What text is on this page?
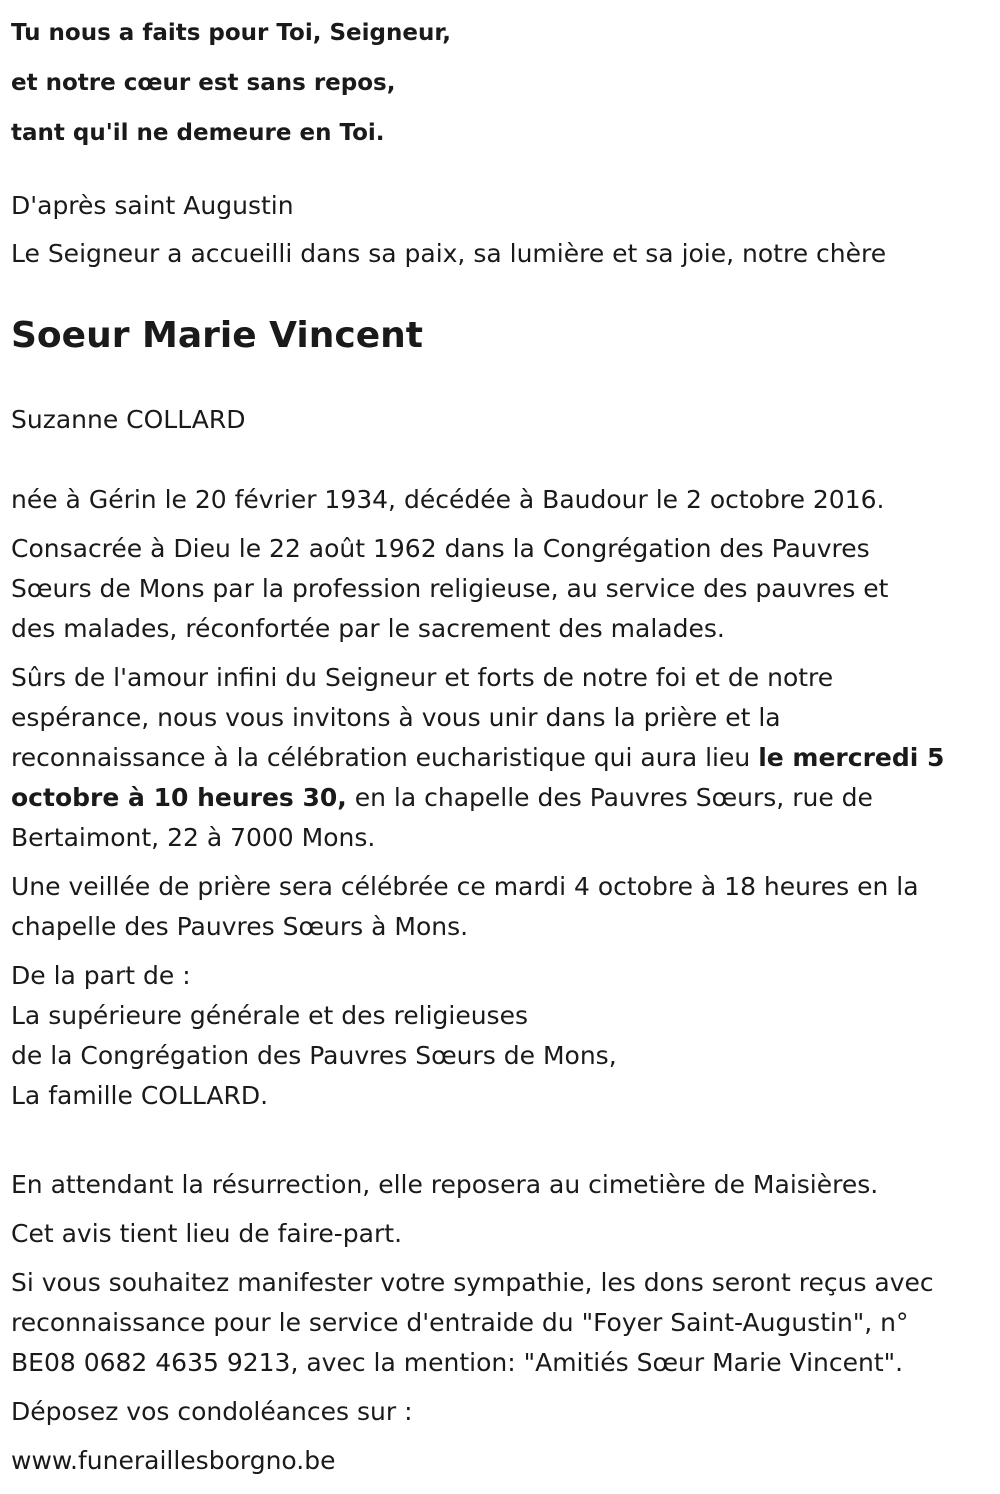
Tu nous a faits pour Toi, Seigneur,

et notre cœur est sans repos,

tant qu'il ne demeure en Toi.

D'après saint Augustin

Le Seigneur a accueilli dans sa paix, sa lumière et sa joie, notre chère

Soeur Marie Vincent

Suzanne COLLARD

née à Gérin le 20 février 1934, décédée à Baudour le 2 octobre 2016.

Consacrée à Dieu le 22 août 1962 dans la Congrégation des Pauvres
Sœurs de Mons par la profession religieuse, au service des pauvres et
des malades, réconfortée par le sacrement des malades.

Sûrs de l'amour infini du Seigneur et forts de notre foi et de notre
espérance, nous vous invitons à vous unir dans la prière et la
reconnaissance à la célébration eucharistique qui aura lieu le mercredi 5
octobre à 10 heures 30, en la chapelle des Pauvres Sœurs, rue de
Bertaimont, 22 à 7000 Mons.

Une veillée de prière sera célébrée ce mardi 4 octobre à 18 heures en la
chapelle des Pauvres Sœurs à Mons.

De la part de :
La supérieure générale et des religieuses
de la Congrégation des Pauvres Sœurs de Mons,
La famille COLLARD.

En attendant la résurrection, elle reposera au cimetière de Maisières.

Cet avis tient lieu de faire-part.

Si vous souhaitez manifester votre sympathie, les dons seront reçus avec
reconnaissance pour le service d'entraide du "Foyer Saint-Augustin", n°
BE08 0682 4635 9213, avec la mention: "Amitiés Sœur Marie Vincent".

Déposez vos condoléances sur :

www.funeraillesborgno.be
